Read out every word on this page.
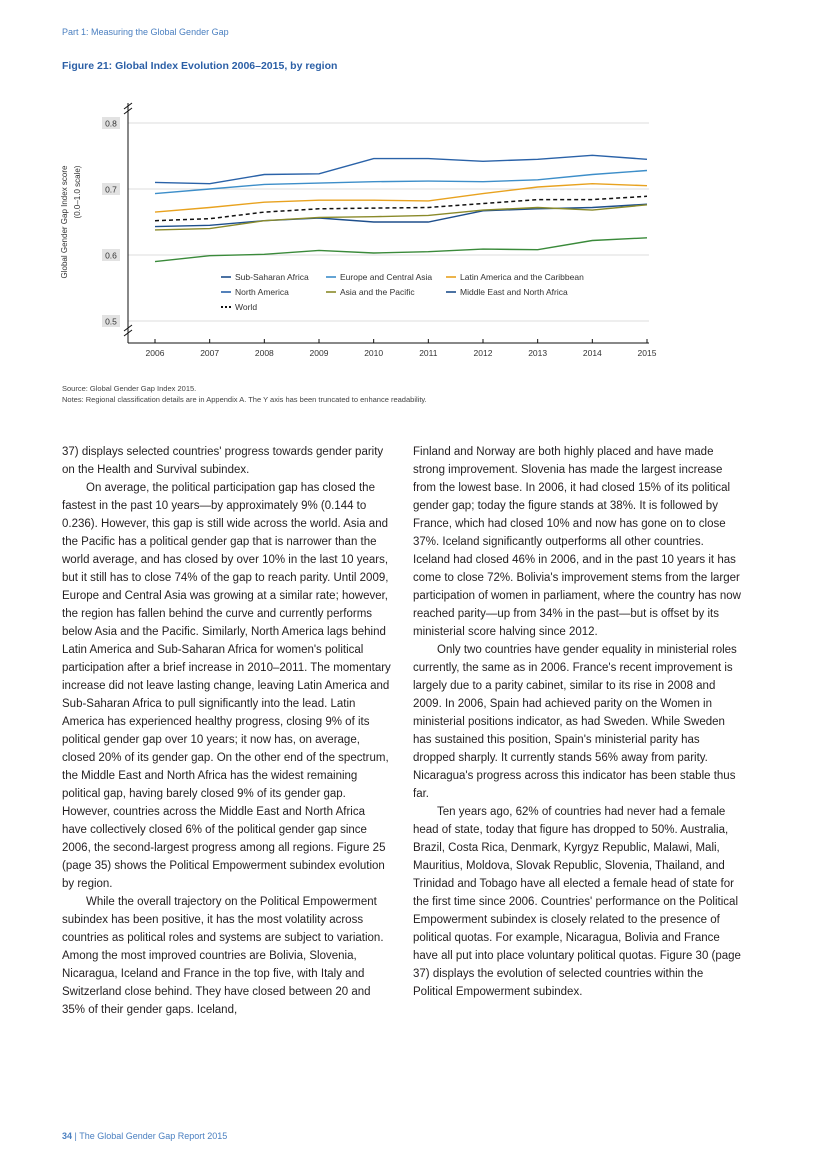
Part 1: Measuring the Global Gender Gap
Figure 21: Global Index Evolution 2006–2015, by region
0.5
0.6
0.7
0.8
2006	2007	2008	2009	2010	2011	2012	2013	2014	2015
Global Gender Gap Index score (0.0–1.0 scale)
Sub-Saharan Africa	Europe and Central Asia	Latin America and the Caribbean
North America	Asia and the Pacific	Middle East and North Africa
World
Source: Global Gender Gap Index 2015.
Notes: Regional classification details are in Appendix A. The Y axis has been truncated to enhance readability.

37) displays selected countries' progress towards gender parity on the Health and Survival subindex.

On average, the political participation gap has closed the fastest in the past 10 years—by approximately 9% (0.144 to 0.236). However, this gap is still wide across the world. Asia and the Pacific has a political gender gap that is narrower than the world average, and has closed by over 10% in the last 10 years, but it still has to close 74% of the gap to reach parity. Until 2009, Europe and Central Asia was growing at a similar rate; however, the region has fallen behind the curve and currently performs below Asia and the Pacific. Similarly, North America lags behind Latin America and Sub-Saharan Africa for women's political participation after a brief increase in 2010–2011. The momentary increase did not leave lasting change, leaving Latin America and Sub-Saharan Africa to pull significantly into the lead. Latin America has experienced healthy progress, closing 9% of its political gender gap over 10 years; it now has, on average, closed 20% of its gender gap. On the other end of the spectrum, the Middle East and North Africa has the widest remaining political gap, having barely closed 9% of its gender gap. However, countries across the Middle East and North Africa have collectively closed 6% of the political gender gap since 2006, the second-largest progress among all regions. Figure 25 (page 35) shows the Political Empowerment subindex evolution by region.

While the overall trajectory on the Political Empowerment subindex has been positive, it has the most volatility across countries as political roles and systems are subject to variation. Among the most improved countries are Bolivia, Slovenia, Nicaragua, Iceland and France in the top five, with Italy and Switzerland close behind. They have closed between 20 and 35% of their gender gaps. Iceland,

Finland and Norway are both highly placed and have made strong improvement. Slovenia has made the largest increase from the lowest base. In 2006, it had closed 15% of its political gender gap; today the figure stands at 38%. It is followed by France, which had closed 10% and now has gone on to close 37%. Iceland significantly outperforms all other countries. Iceland had closed 46% in 2006, and in the past 10 years it has come to close 72%. Bolivia's improvement stems from the larger participation of women in parliament, where the country has now reached parity—up from 34% in the past—but is offset by its ministerial score halving since 2012.

Only two countries have gender equality in ministerial roles currently, the same as in 2006. France's recent improvement is largely due to a parity cabinet, similar to its rise in 2008 and 2009. In 2006, Spain had achieved parity on the Women in ministerial positions indicator, as had Sweden. While Sweden has sustained this position, Spain's ministerial parity has dropped sharply. It currently stands 56% away from parity. Nicaragua's progress across this indicator has been stable thus far.

Ten years ago, 62% of countries had never had a female head of state, today that figure has dropped to 50%. Australia, Brazil, Costa Rica, Denmark, Kyrgyz Republic, Malawi, Mali, Mauritius, Moldova, Slovak Republic, Slovenia, Thailand, and Trinidad and Tobago have all elected a female head of state for the first time since 2006. Countries' performance on the Political Empowerment subindex is closely related to the presence of political quotas. For example, Nicaragua, Bolivia and France have all put into place voluntary political quotas. Figure 30 (page 37) displays the evolution of selected countries within the Political Empowerment subindex.

34 | The Global Gender Gap Report 2015
